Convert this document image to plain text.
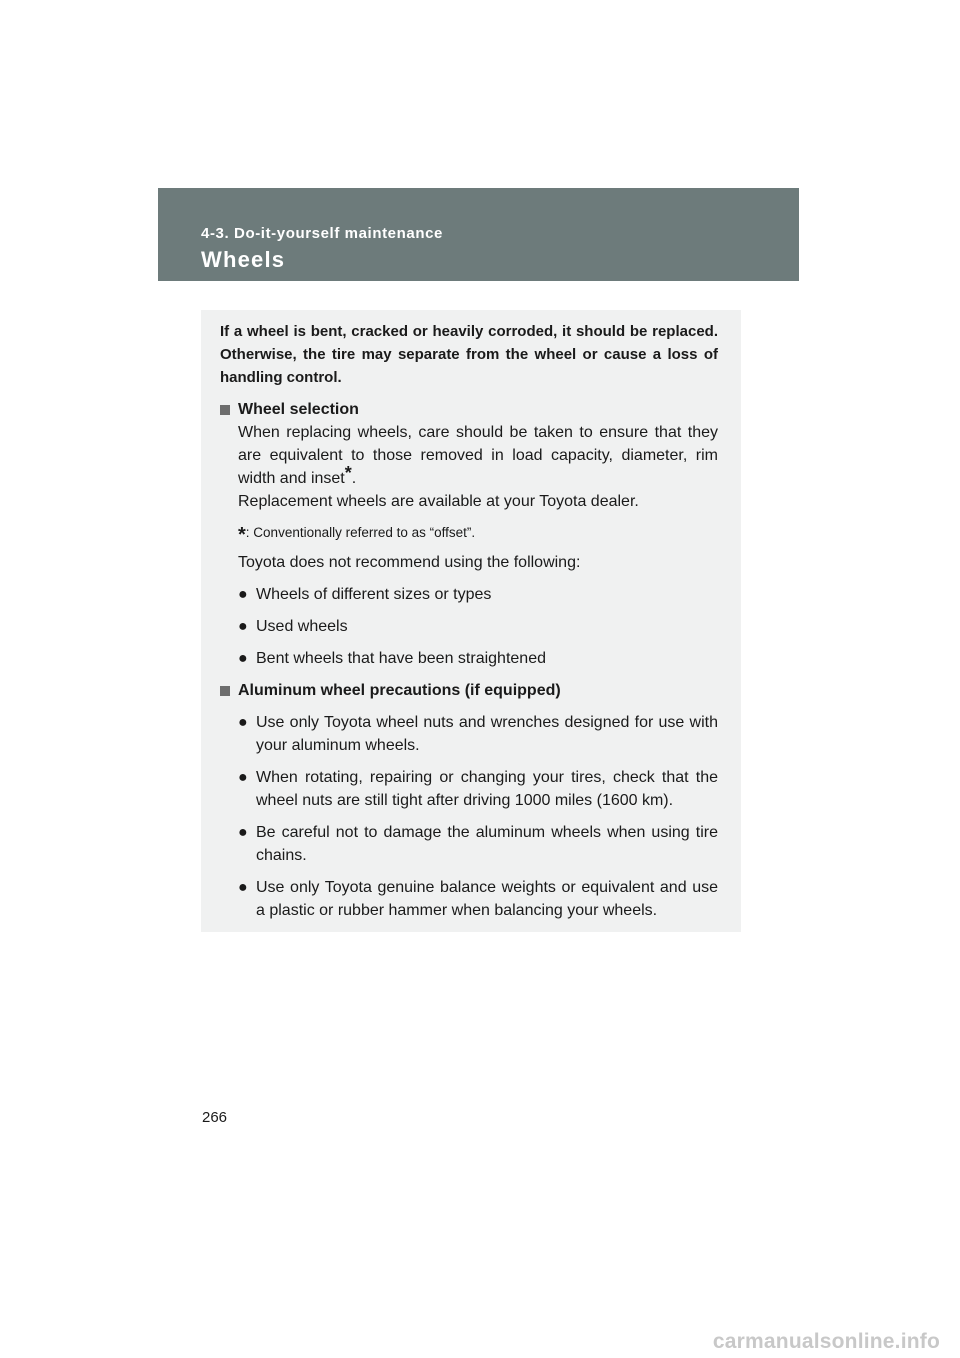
4-3. Do-it-yourself maintenance
Wheels

If a wheel is bent, cracked or heavily corroded, it should be replaced. Otherwise, the tire may separate from the wheel or cause a loss of handling control.

Wheel selection

When replacing wheels, care should be taken to ensure that they are equivalent to those removed in load capacity, diameter, rim width and inset*.

Replacement wheels are available at your Toyota dealer.

*: Conventionally referred to as “offset”.

Toyota does not recommend using the following:

● Wheels of different sizes or types
● Used wheels
● Bent wheels that have been straightened
Aluminum wheel precautions (if equipped)
● Use only Toyota wheel nuts and wrenches designed for use with your aluminum wheels.
● When rotating, repairing or changing your tires, check that the wheel nuts are still tight after driving 1000 miles (1600 km).
● Be careful not to damage the aluminum wheels when using tire chains.
● Use only Toyota genuine balance weights or equivalent and use a plastic or rubber hammer when balancing your wheels.
266
carmanualsonline.info
